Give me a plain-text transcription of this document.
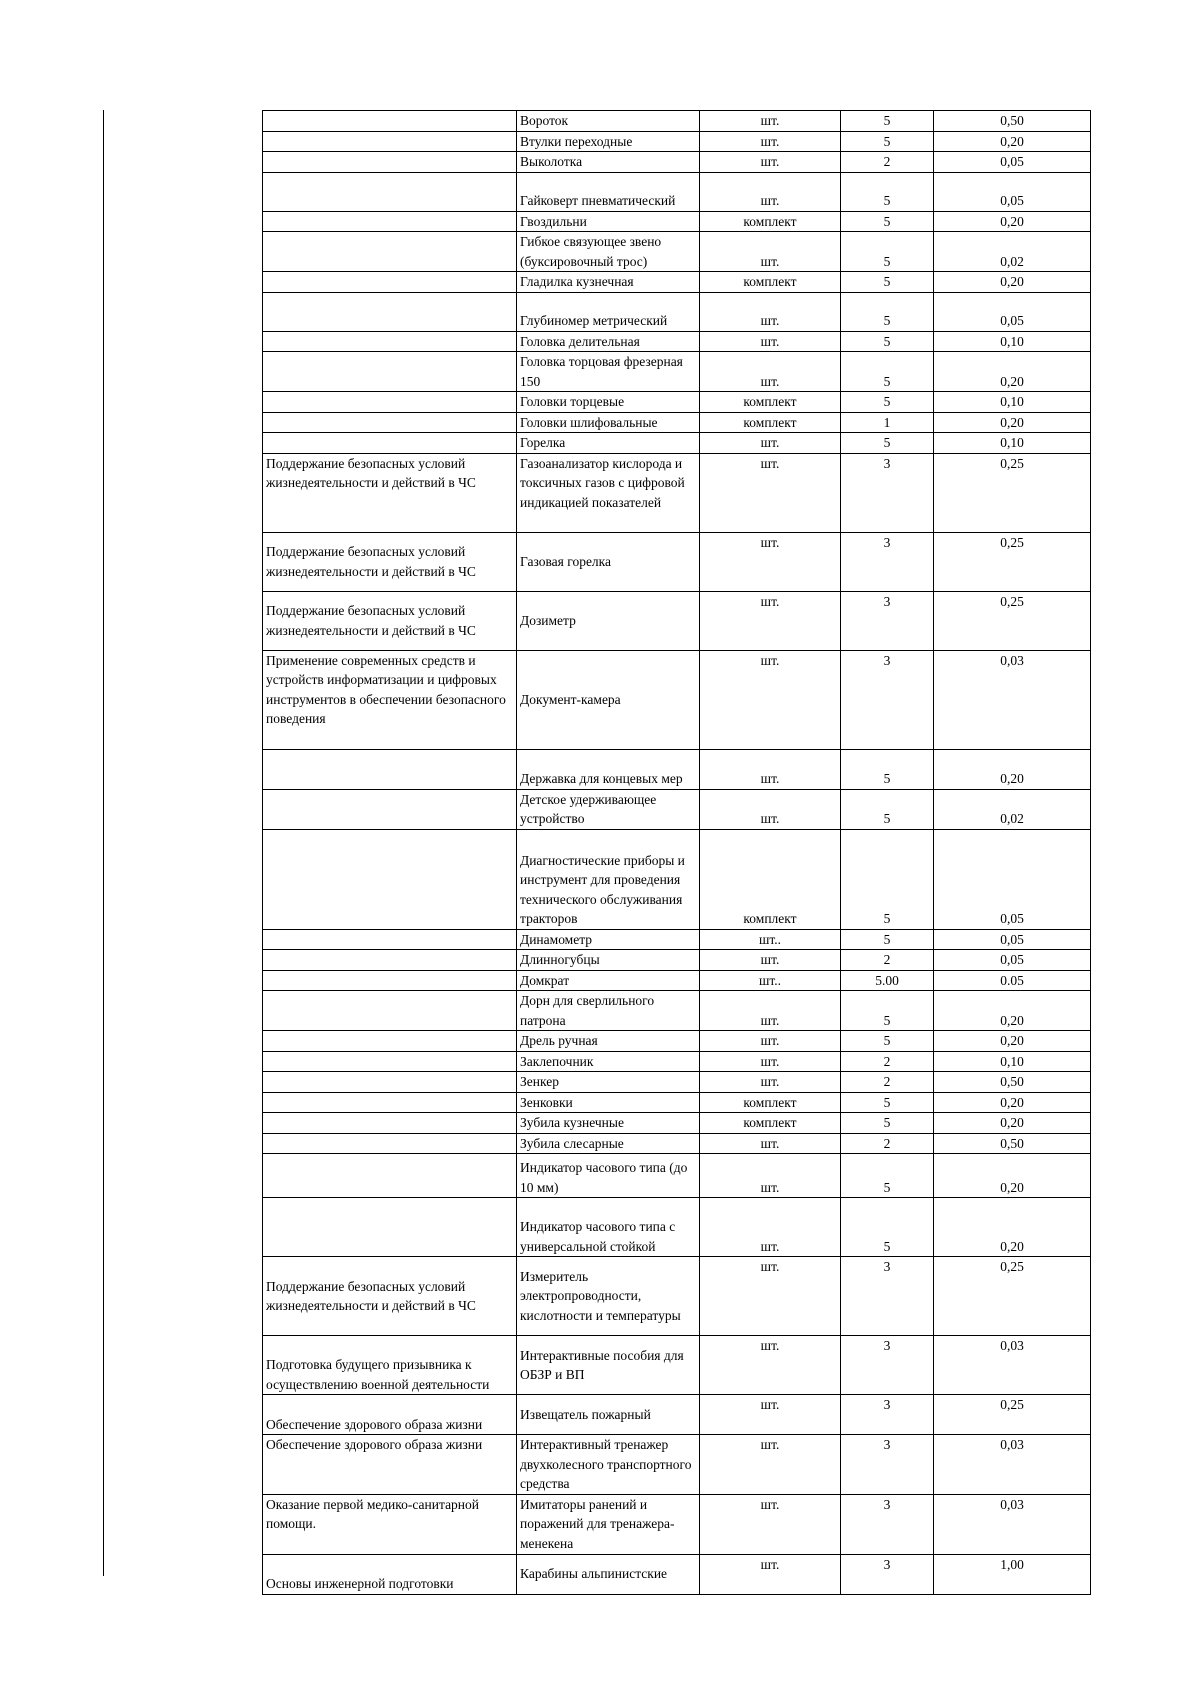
	Вороток	шт.	5	0,50
	Втулки переходные	шт.	5	0,20
	Выколотка	шт.	2	0,05
	Гайковерт пневматический	шт.	5	0,05
	Гвоздильни	комплект	5	0,20
	Гибкое связующее звено (буксировочный трос)	шт.	5	0,02
	Гладилка кузнечная	комплект	5	0,20
	Глубиномер метрический	шт.	5	0,05
	Головка делительная	шт.	5	0,10
	Головка торцовая фрезерная 150	шт.	5	0,20
	Головки торцевые	комплект	5	0,10
	Головки шлифовальные	комплект	1	0,20
	Горелка	шт.	5	0,10
Поддержание безопасных условий жизнедеятельности и действий в ЧС	Газоанализатор кислорода и токсичных газов с цифровой индикацией показателей	шт.	3	0,25
Поддержание безопасных условий жизнедеятельности и действий в ЧС	Газовая горелка	шт.	3	0,25
Поддержание безопасных условий жизнедеятельности и действий в ЧС	Дозиметр	шт.	3	0,25
Применение современных средств и устройств информатизации и цифровых инструментов в обеспечении безопасного поведения	Документ-камера	шт.	3	0,03
	Державка для концевых мер	шт.	5	0,20
	Детское удерживающее устройство	шт.	5	0,02
	Диагностические приборы и инструмент для проведения технического обслуживания тракторов	комплект	5	0,05
	Динамометр	шт..	5	0,05
	Длинногубцы	шт.	2	0,05
	Домкрат	шт..	5.00	0.05
	Дорн для сверлильного патрона	шт.	5	0,20
	Дрель ручная	шт.	5	0,20
	Заклепочник	шт.	2	0,10
	Зенкер	шт.	2	0,50
	Зенковки	комплект	5	0,20
	Зубила кузнечные	комплект	5	0,20
	Зубила слесарные	шт.	2	0,50
	Индикатор часового типа (до 10 мм)	шт.	5	0,20
	Индикатор часового типа с универсальной стойкой	шт.	5	0,20
Поддержание безопасных условий жизнедеятельности и действий в ЧС	Измеритель электропроводности, кислотности и температуры	шт.	3	0,25
Подготовка будущего призывника к осуществлению военной деятельности	Интерактивные пособия для ОБЗР и ВП	шт.	3	0,03
Обеспечение здорового образа жизни	Извещатель пожарный	шт.	3	0,25
Обеспечение здорового образа жизни	Интерактивный тренажер двухколесного транспортного средства	шт.	3	0,03
Оказание первой медико-санитарной помощи.	Имитаторы ранений и поражений для тренажера-менекена	шт.	3	0,03
Основы инженерной подготовки	Карабины альпинистские	шт.	3	1,00
